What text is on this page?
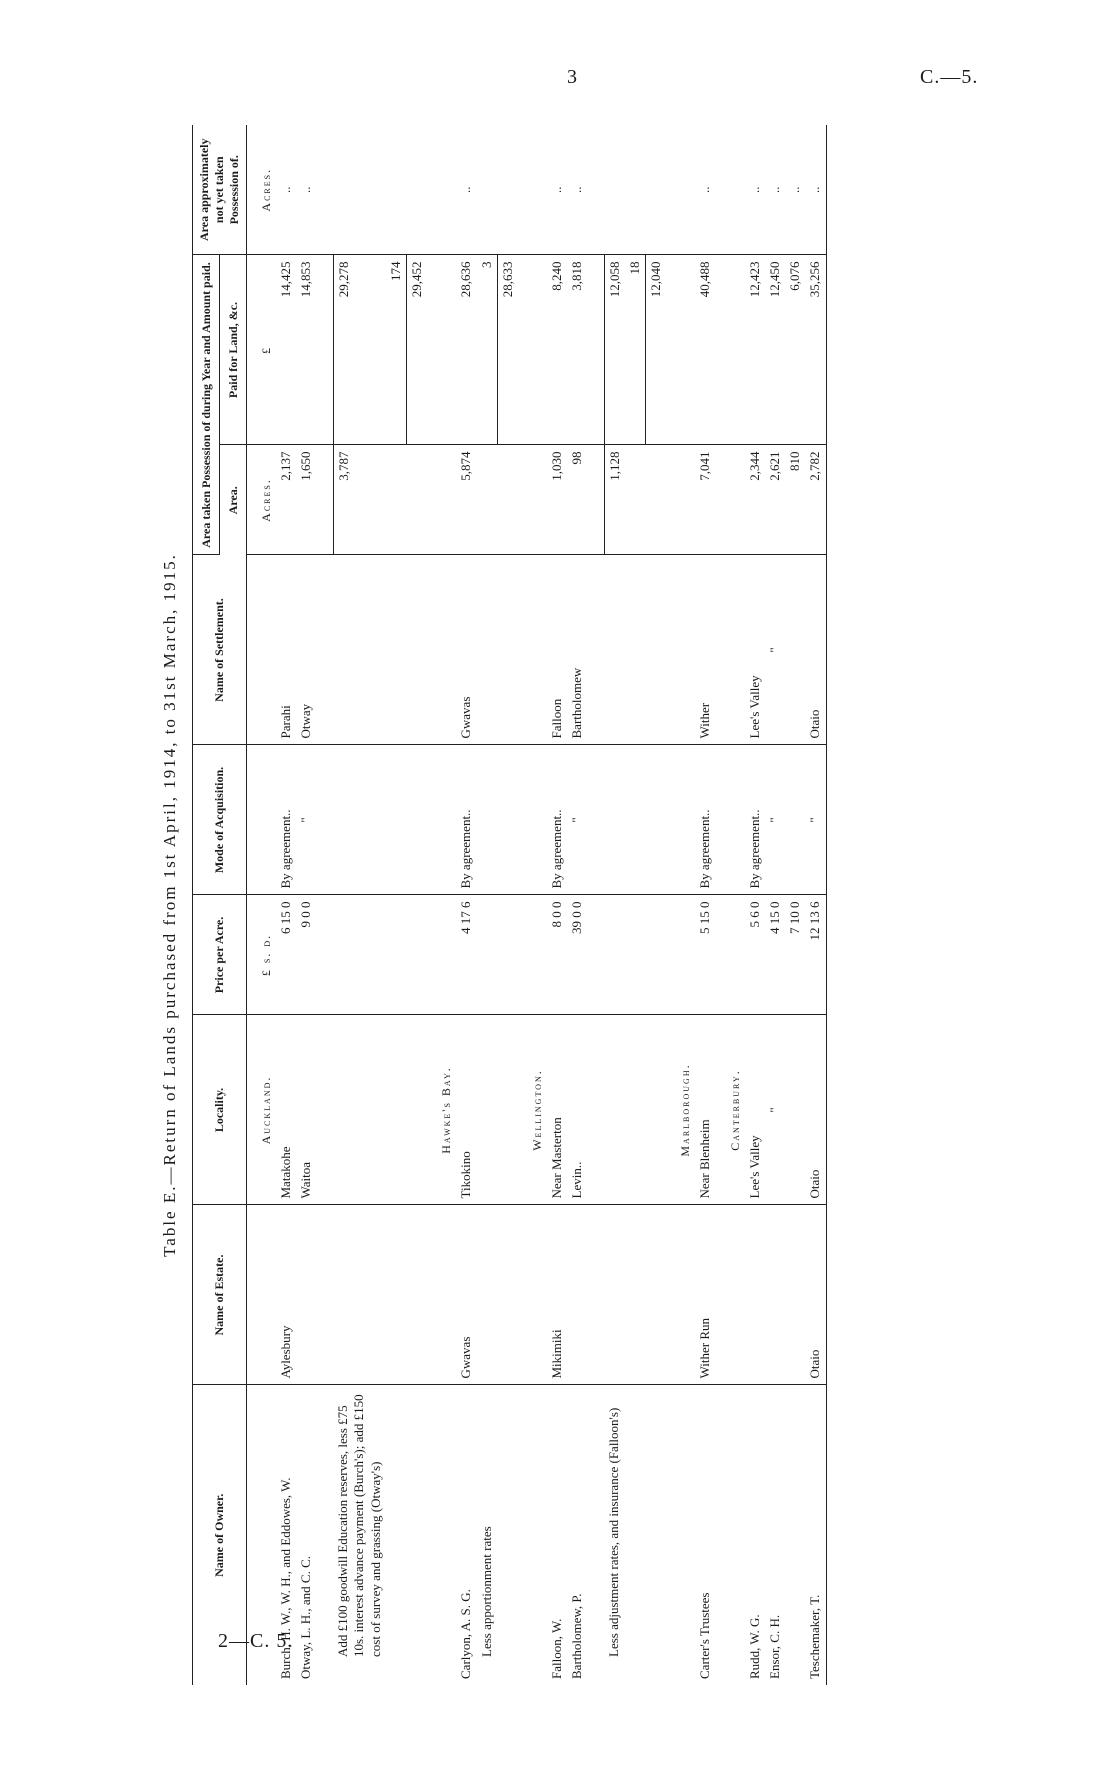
3	C.—5.
2—C. 5.
Table E.—Return of Lands purchased from 1st April, 1914, to 31st March, 1915.
Name of Owner.	Name of Estate.	Locality.	Price per Acre.	Mode of Acquisition.	Name of Settlement.	Area taken Possession of during Year and Amount paid.		Area approximately not yet taken Possession of.
						Area.	Paid for Land, &c.	
		Auckland.	£ s. d.			Acres.	£	Acres.
Burch, H. W., W. H., and Eddowes, W.	Aylesbury	Matakohe	6 15 0	By agreement..	Parahi	2,137	14,425	..
Otway, L. H., and C. C.		Waitoa	9 0 0	"	Otway	1,650	14,853	..

Add £100 goodwill Education reserves, less £75 10s. interest advance payment (Burch's); add £150 cost of survey and grassing (Otway's)						3,787	29,278	
							174	
							29,452	
		Hawke's Bay.						
Carlyon, A. S. G.	Gwavas	Tikokino	4 17 6	By agreement..	Gwavas	5,874	28,636	..
Less apportionment rates							3	
							28,633	
		Wellington.						
Falloon, W.	Mikimiki	Near Masterton	8 0 0	By agreement..	Falloon	1,030	8,240	..
Bartholomew, P.		Levin..	39 0 0	"	Bartholomew	98	3,818	..

Less adjustment rates, and insurance (Falloon's)						1,128	12,058	
							18	
							12,040	
		Marlborough.						
Carter's Trustees	Wither Run	Near Blenheim	5 15 0	By agreement..	Wither	7,041	40,488	..
		Canterbury.						
Rudd, W. G.		Lee's Valley	5 6 0	By agreement..	Lee's Valley	2,344	12,423	..
Ensor, C. H.		"	4 15 0	"	"	2,621	12,450	..
			7 10 0			810	6,076	..
Teschemaker, T.	Otaio	Otaio	12 13 6	"	Otaio	2,782	35,256	..
